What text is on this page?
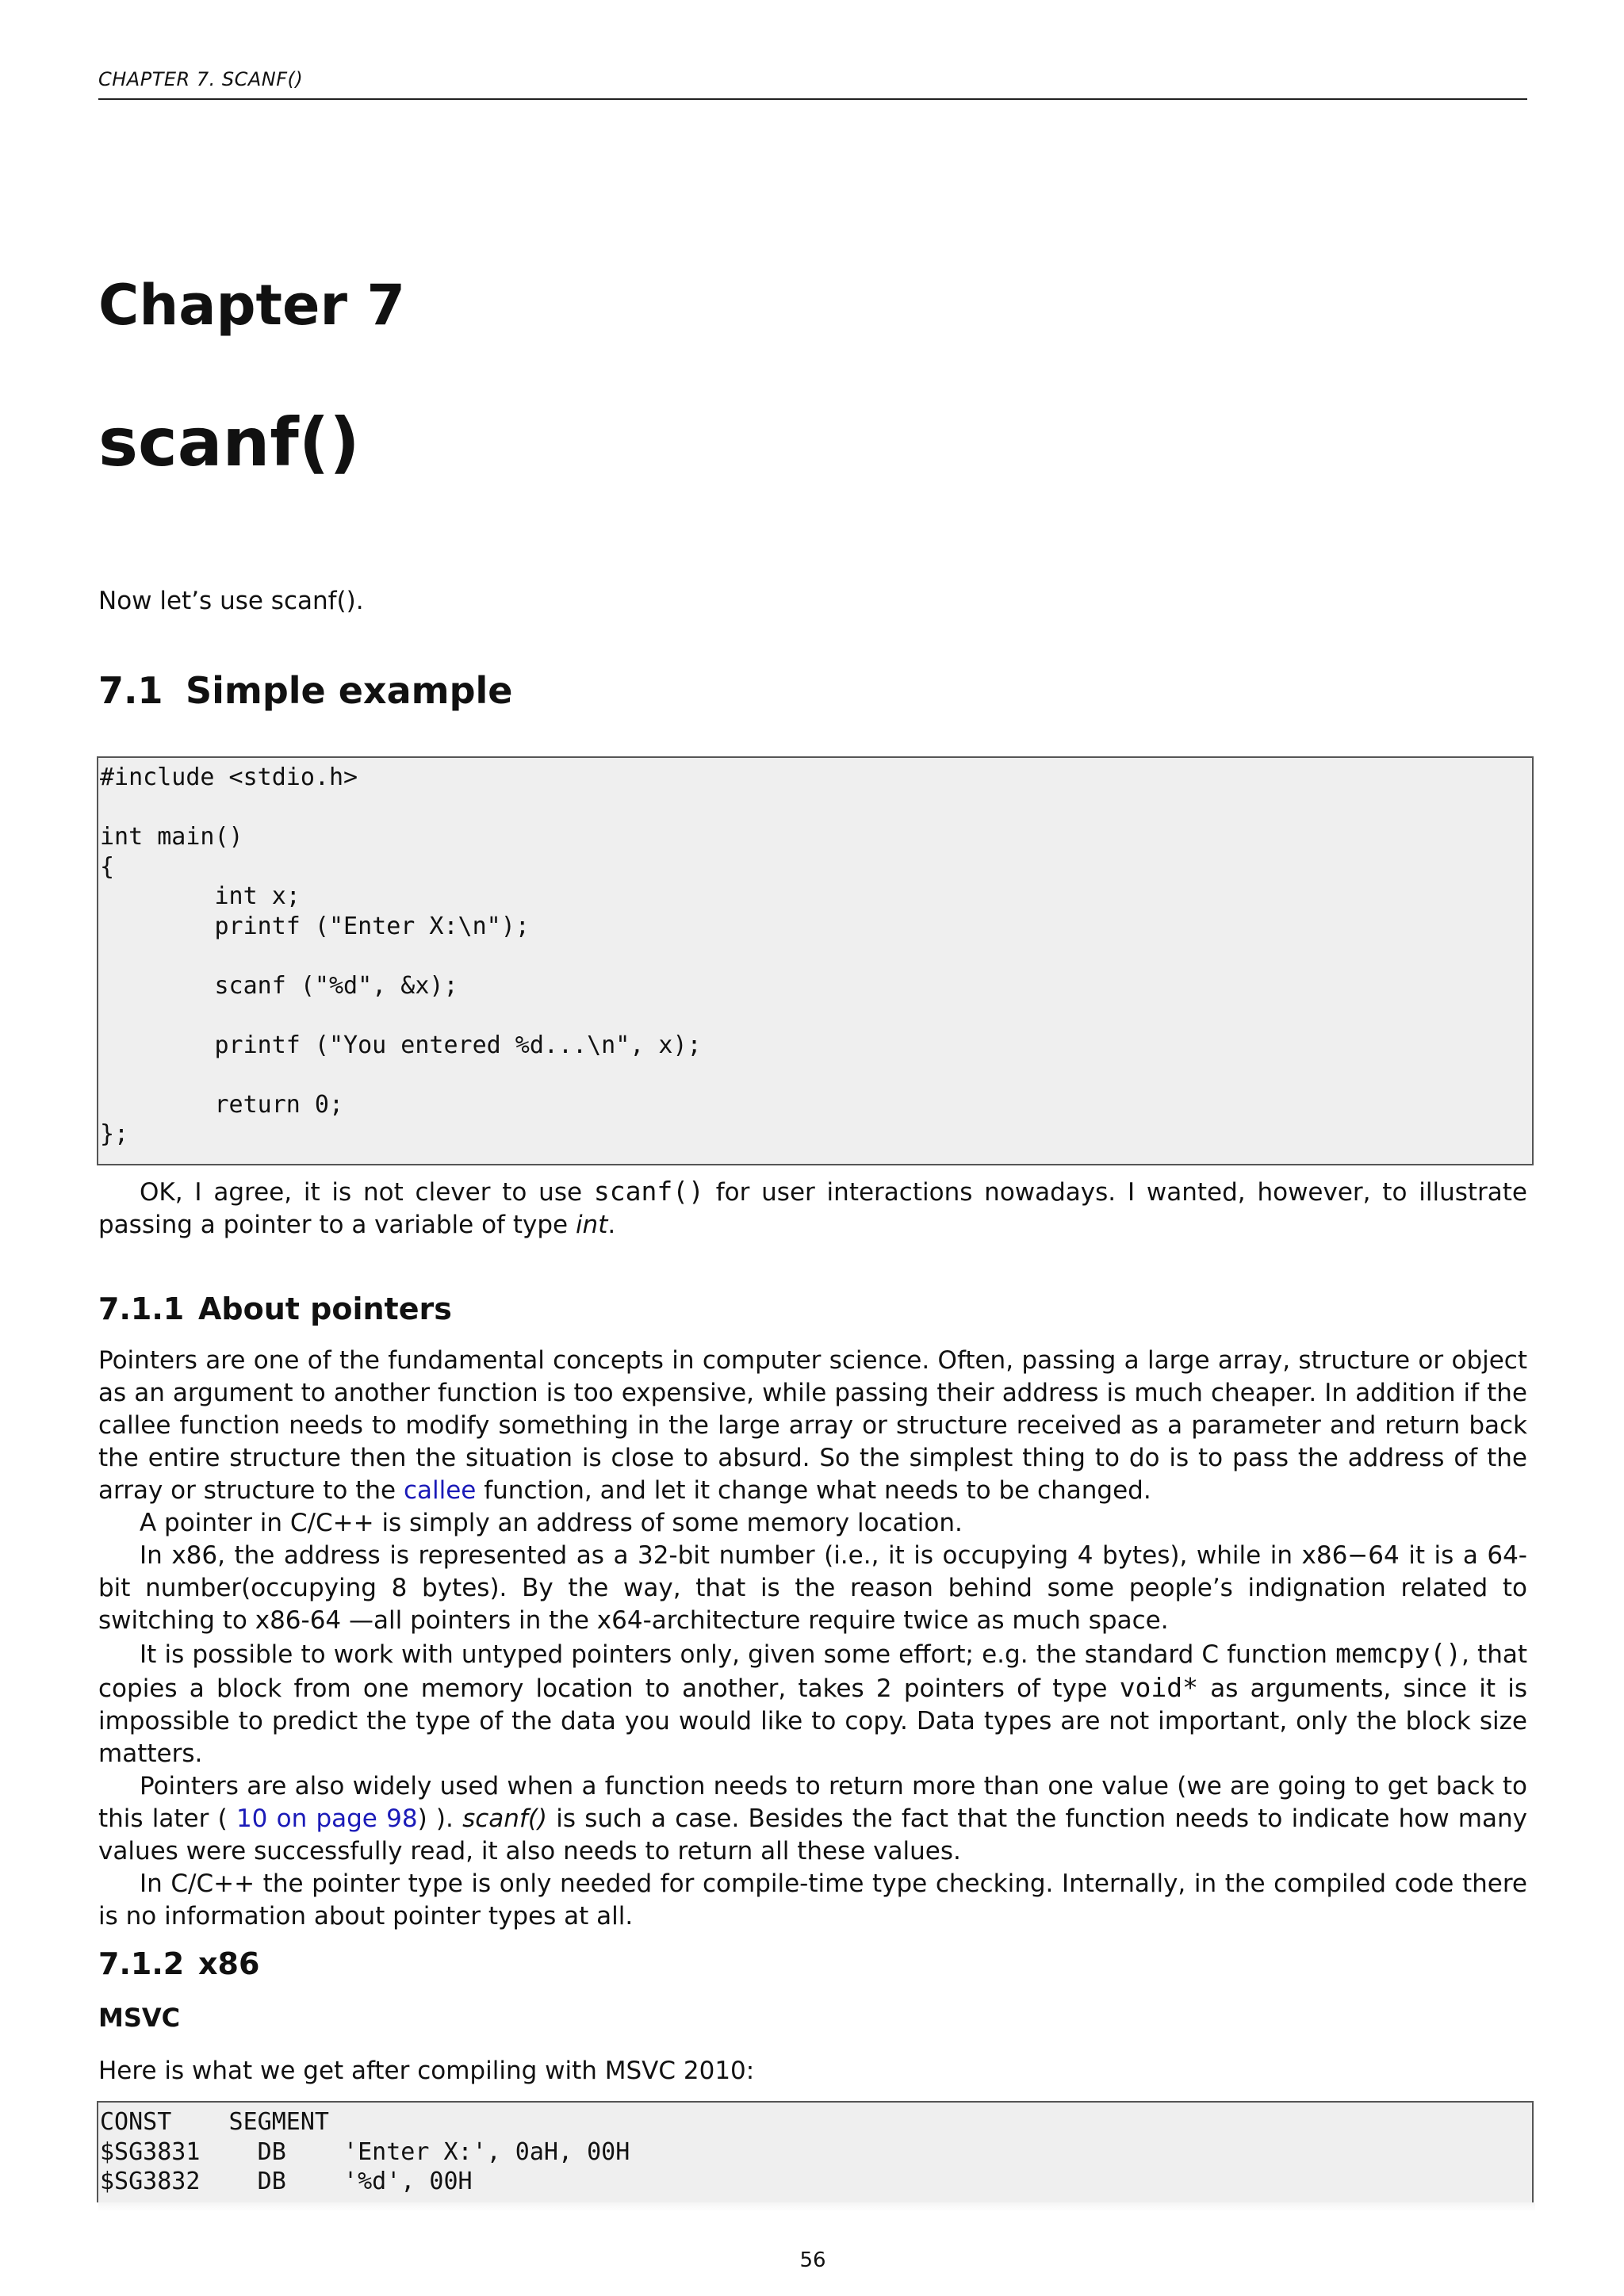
CHAPTER 7. SCANF()
Chapter 7
scanf()

Now let’s use scanf().

7.1 Simple example
#include <stdio.h>

int main()
{
int x;
printf ("Enter X:\n");

scanf ("%d", &x);

printf ("You entered %d...\n", x);

return 0;
};

OK, I agree, it is not clever to use scanf() for user interactions nowadays. I wanted, however, to illustrate passing a pointer to a variable of type int.

7.1.1 About pointers

Pointers are one of the fundamental concepts in computer science. Often, passing a large array, structure or object as an argument to another function is too expensive, while passing their address is much cheaper. In addition if the callee function needs to modify something in the large array or structure received as a parameter and return back the entire structure then the situation is close to absurd. So the simplest thing to do is to pass the address of the array or structure to the callee function, and let it change what needs to be changed.

A pointer in C/C++ is simply an address of some memory location.

In x86, the address is represented as a 32-bit number (i.e., it is occupying 4 bytes), while in x86−64 it is a 64-bit number(occupying 8 bytes). By the way, that is the reason behind some people’s indignation related to switching to x86-64 —all pointers in the x64-architecture require twice as much space.

It is possible to work with untyped pointers only, given some effort; e.g. the standard C function memcpy(), that copies a block from one memory location to another, takes 2 pointers of type void* as arguments, since it is impossible to predict the type of the data you would like to copy. Data types are not important, only the block size matters.

Pointers are also widely used when a function needs to return more than one value (we are going to get back to this later ( 10 on page 98) ). scanf() is such a case. Besides the fact that the function needs to indicate how many values were successfully read, it also needs to return all these values.

In C/C++ the pointer type is only needed for compile-time type checking. Internally, in the compiled code there is no information about pointer types at all.

7.1.2 x86
MSVC

Here is what we get after compiling with MSVC 2010:

CONST    SEGMENT
$SG3831    DB    'Enter X:', 0aH, 00H
$SG3832    DB    '%d', 00H
56
